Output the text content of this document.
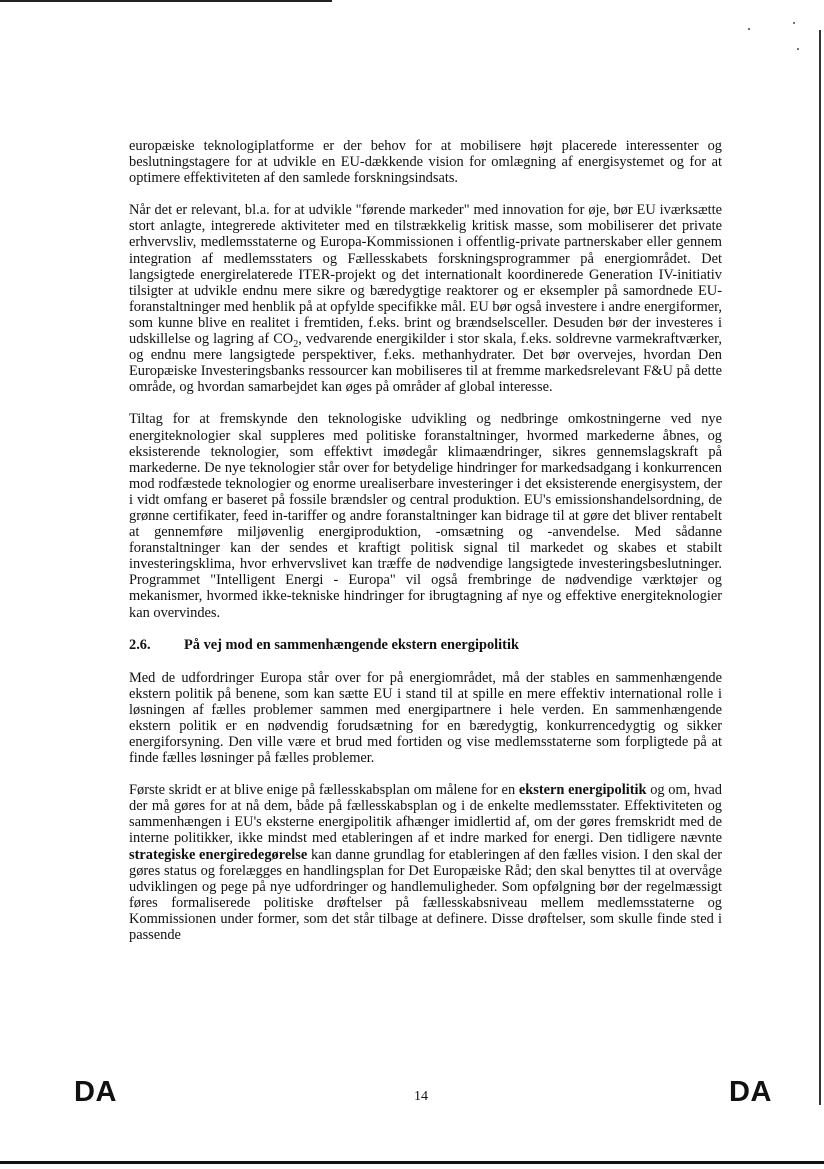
europæiske teknologiplatforme er der behov for at mobilisere højt placerede interessenter og beslutningstagere for at udvikle en EU-dækkende vision for omlægning af energisystemet og for at optimere effektiviteten af den samlede forskningsindsats.

Når det er relevant, bl.a. for at udvikle "førende markeder" med innovation for øje, bør EU iværksætte stort anlagte, integrerede aktiviteter med en tilstrækkelig kritisk masse, som mobiliserer det private erhvervsliv, medlemsstaterne og Europa-Kommissionen i offentlig-private partnerskaber eller gennem integration af medlemsstaters og Fællesskabets forskningsprogrammer på energiområdet. Det langsigtede energirelaterede ITER-projekt og det internationalt koordinerede Generation IV-initiativ tilsigter at udvikle endnu mere sikre og bæredygtige reaktorer og er eksempler på samordnede EU-foranstaltninger med henblik på at opfylde specifikke mål. EU bør også investere i andre energiformer, som kunne blive en realitet i fremtiden, f.eks. brint og brændselsceller. Desuden bør der investeres i udskillelse og lagring af $CO_2$, vedvarende energikilder i stor skala, f.eks. soldrevne varmekraftværker, og endnu mere langsigtede perspektiver, f.eks. methanhydrater. Det bør overvejes, hvordan Den Europæiske Investeringsbanks ressourcer kan mobiliseres til at fremme markedsrelevant F&U på dette område, og hvordan samarbejdet kan øges på områder af global interesse.

Tiltag for at fremskynde den teknologiske udvikling og nedbringe omkostningerne ved nye energiteknologier skal suppleres med politiske foranstaltninger, hvormed markederne åbnes, og eksisterende teknologier, som effektivt imødegår klimaændringer, sikres gennemslagskraft på markederne. De nye teknologier står over for betydelige hindringer for markedsadgang i konkurrencen mod rodfæstede teknologier og enorme urealiserbare investeringer i det eksisterende energisystem, der i vidt omfang er baseret på fossile brændsler og central produktion. EU's emissionshandelsordning, de grønne certifikater, feed in-tariffer og andre foranstaltninger kan bidrage til at gøre det bliver rentabelt at gennemføre miljøvenlig energiproduktion, -omsætning og -anvendelse. Med sådanne foranstaltninger kan der sendes et kraftigt politisk signal til markedet og skabes et stabilt investeringsklima, hvor erhvervslivet kan træffe de nødvendige langsigtede investeringsbeslutninger. Programmet "Intelligent Energi - Europa" vil også frembringe de nødvendige værktøjer og mekanismer, hvormed ikke-tekniske hindringer for ibrugtagning af nye og effektive energiteknologier kan overvindes.

2.6. På vej mod en sammenhængende ekstern energipolitik

Med de udfordringer Europa står over for på energiområdet, må der stables en sammenhængende ekstern politik på benene, som kan sætte EU i stand til at spille en mere effektiv international rolle i løsningen af fælles problemer sammen med energipartnere i hele verden. En sammenhængende ekstern politik er en nødvendig forudsætning for en bæredygtig, konkurrencedygtig og sikker energiforsyning. Den ville være et brud med fortiden og vise medlemsstaterne som forpligtede på at finde fælles løsninger på fælles problemer.

Første skridt er at blive enige på fællesskabsplan om målene for en ekstern energipolitik og om, hvad der må gøres for at nå dem, både på fællesskabsplan og i de enkelte medlemsstater. Effektiviteten og sammenhængen i EU's eksterne energipolitik afhænger imidlertid af, om der gøres fremskridt med de interne politikker, ikke mindst med etableringen af et indre marked for energi. Den tidligere nævnte strategiske energiredegørelse kan danne grundlag for etableringen af den fælles vision. I den skal der gøres status og forelægges en handlingsplan for Det Europæiske Råd; den skal benyttes til at overvåge udviklingen og pege på nye udfordringer og handlemuligheder. Som opfølgning bør der regelmæssigt føres formaliserede politiske drøftelser på fællesskabsniveau mellem medlemsstaterne og Kommissionen under former, som det står tilbage at definere. Disse drøftelser, som skulle finde sted i passende

DA	14	DA
